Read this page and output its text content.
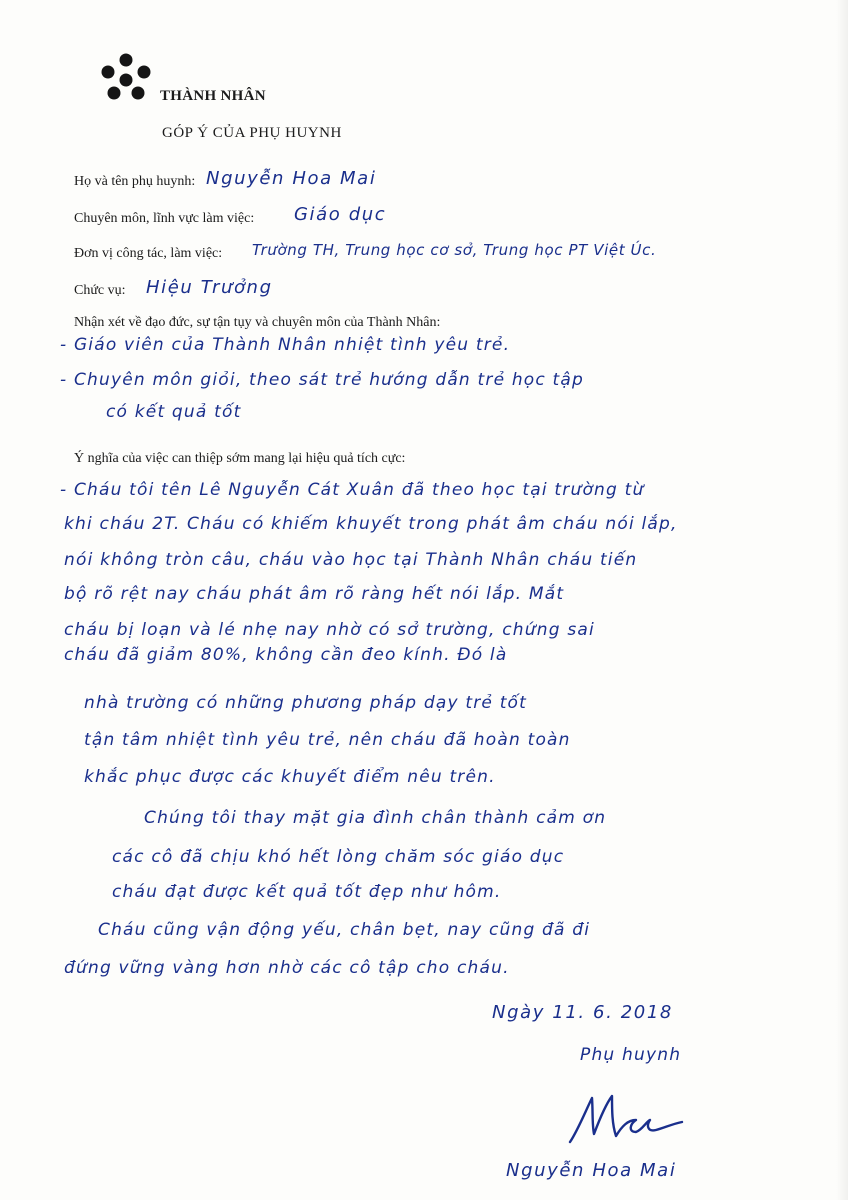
THÀNH NHÂN
GÓP Ý CỦA PHỤ HUYNH
Họ và tên phụ huynh: Nguyễn Hoa Mai
Chuyên môn, lĩnh vực làm việc: Giáo dục
Đơn vị công tác, làm việc: Trường TH, Trung học cơ sở, Trung học PT Việt Úc.
Chức vụ: Hiệu Trưởng
Nhận xét về đạo đức, sự tận tụy và chuyên môn của Thành Nhân:
- Giáo viên của Thành Nhân nhiệt tình yêu trẻ.
- Chuyên môn giỏi, theo sát trẻ hướng dẫn trẻ học tập
có kết quả tốt
Ý nghĩa của việc can thiệp sớm mang lại hiệu quả tích cực:
- Cháu tôi tên Lê Nguyễn Cát Xuân đã theo học tại trường từ
khi cháu 2T. Cháu có khiếm khuyết trong phát âm cháu nói lắp,
nói không tròn câu, cháu vào học tại Thành Nhân cháu tiến
bộ rõ rệt nay cháu phát âm rõ ràng hết nói lắp. Mắt
cháu bị loạn và lé nhẹ nay nhờ có sở trường, chứng sai
cháu đã giảm 80%, không cần đeo kính. Đó là
nhà trường có những phương pháp dạy trẻ tốt
tận tâm nhiệt tình yêu trẻ, nên cháu đã hoàn toàn
khắc phục được các khuyết điểm nêu trên.
Chúng tôi thay mặt gia đình chân thành cảm ơn
các cô đã chịu khó hết lòng chăm sóc giáo dục
cháu đạt được kết quả tốt đẹp như hôm.
Cháu cũng vận động yếu, chân bẹt, nay cũng đã đi
đứng vững vàng hơn nhờ các cô tập cho cháu.
Ngày 11. 6. 2018
Phụ huynh
Nguyễn Hoa Mai
